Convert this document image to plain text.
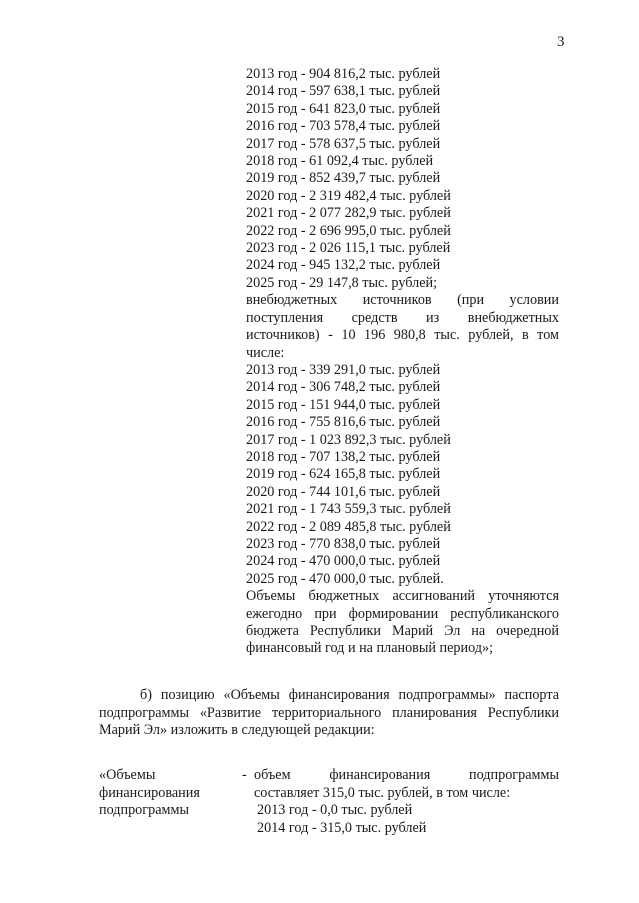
3
2013 год - 904 816,2 тыс. рублей
2014 год - 597 638,1 тыс. рублей
2015 год - 641 823,0 тыс. рублей
2016 год - 703 578,4 тыс. рублей
2017 год - 578 637,5 тыс. рублей
2018 год - 61 092,4 тыс. рублей
2019 год - 852 439,7 тыс. рублей
2020 год - 2 319 482,4 тыс. рублей
2021 год - 2 077 282,9 тыс. рублей
2022 год - 2 696 995,0 тыс. рублей
2023 год - 2 026 115,1 тыс. рублей
2024 год - 945 132,2 тыс. рублей
2025 год - 29 147,8 тыс. рублей;
внебюджетных источников (при условии
поступления средств из внебюджетных
источников) - 10 196 980,8 тыс. рублей, в том
числе:
2013 год - 339 291,0 тыс. рублей
2014 год - 306 748,2 тыс. рублей
2015 год - 151 944,0 тыс. рублей
2016 год - 755 816,6 тыс. рублей
2017 год - 1 023 892,3 тыс. рублей
2018 год - 707 138,2 тыс. рублей
2019 год - 624 165,8 тыс. рублей
2020 год - 744 101,6 тыс. рублей
2021 год - 1 743 559,3 тыс. рублей
2022 год - 2 089 485,8 тыс. рублей
2023 год - 770 838,0 тыс. рублей
2024 год - 470 000,0 тыс. рублей
2025 год - 470 000,0 тыс. рублей.
Объемы бюджетных ассигнований уточняются
ежегодно при формировании республиканского
бюджета Республики Марий Эл на очередной
финансовый год и на плановый период»;
б) позицию «Объемы финансирования подпрограммы» паспорта
подпрограммы «Развитие территориального планирования Республики
Марий Эл» изложить в следующей редакции:
«Объемы
финансирования
подпрограммы
- объем финансирования подпрограммы
составляет 315,0 тыс. рублей, в том числе:
2013 год - 0,0 тыс. рублей
2014 год - 315,0 тыс. рублей
